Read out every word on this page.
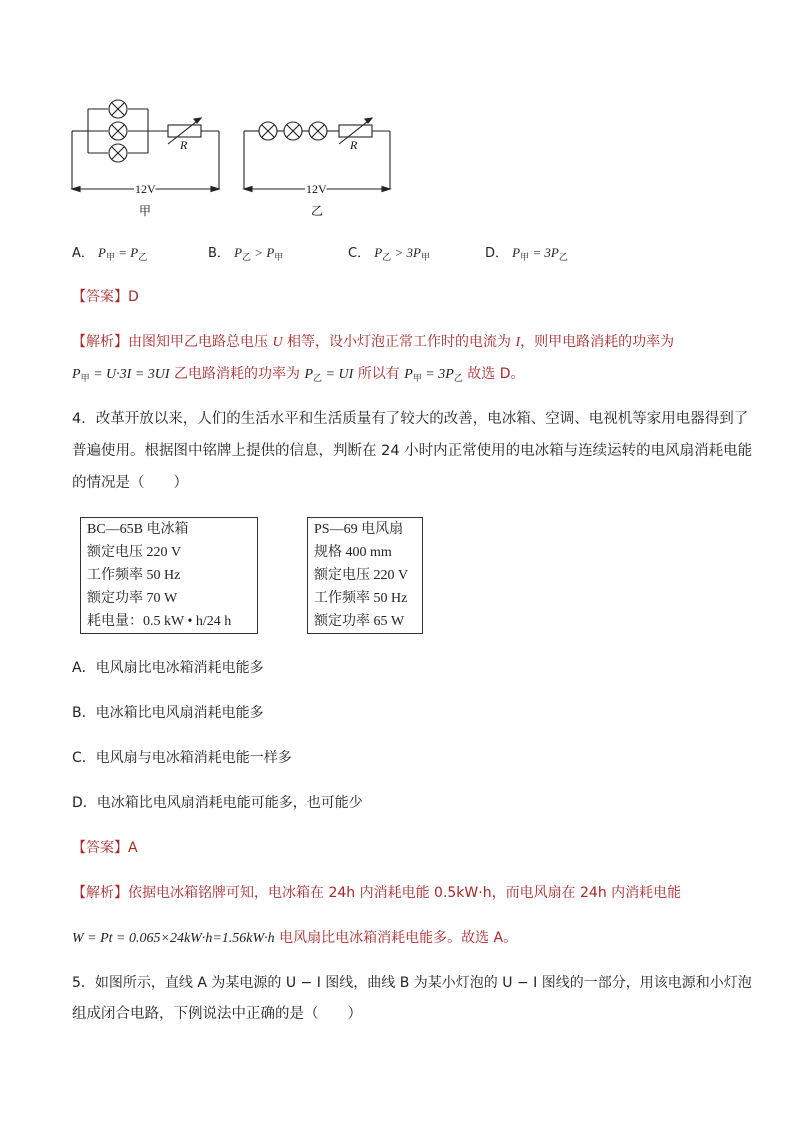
R
12V
甲
R
12V
乙
A． $P_甲 = P_乙$	B． $P_乙 > P_甲$	C． $P_乙 > 3P_甲$	D． $P_甲 = 3P_乙$
【答案】D
【解析】由图知甲乙电路总电压 U 相等，设小灯泡正常工作时的电流为 I，则甲电路消耗的功率为
$P_甲 = U\cdot 3I = 3UI$ 乙电路消耗的功率为 $P_乙$ = UI 所以有 $P_甲 = 3P_乙$ 故选 D。
4．改革开放以来，人们的生活水平和生活质量有了较大的改善，电冰箱、空调、电视机等家用电器得到了
普遍使用。根据图中铭牌上提供的信息，判断在 24 小时内正常使用的电冰箱与连续运转的电风扇消耗电能
的情况是（　　）
BC—65B 电冰箱
额定电压 220 V
工作频率 50 Hz
额定功率 70 W
耗电量：0.5 kW • h/24 h
PS—69 电风扇
规格 400 mm
额定电压 220 V
工作频率 50 Hz
额定功率 65 W
A．电风扇比电冰箱消耗电能多
B．电冰箱比电风扇消耗电能多
C．电风扇与电冰箱消耗电能一样多
D．电冰箱比电风扇消耗电能可能多，也可能少
【答案】A
【解析】依据电冰箱铭牌可知，电冰箱在 24h 内消耗电能 0.5kW·h，而电风扇在 24h 内消耗电能
W = Pt = 0.065×24kW·h=1.56kW·h 电风扇比电冰箱消耗电能多。故选 A。
5．如图所示，直线 A 为某电源的 U − I 图线，曲线 B 为某小灯泡的 U − I 图线的一部分，用该电源和小灯泡
组成闭合电路，下例说法中正确的是（　　）
